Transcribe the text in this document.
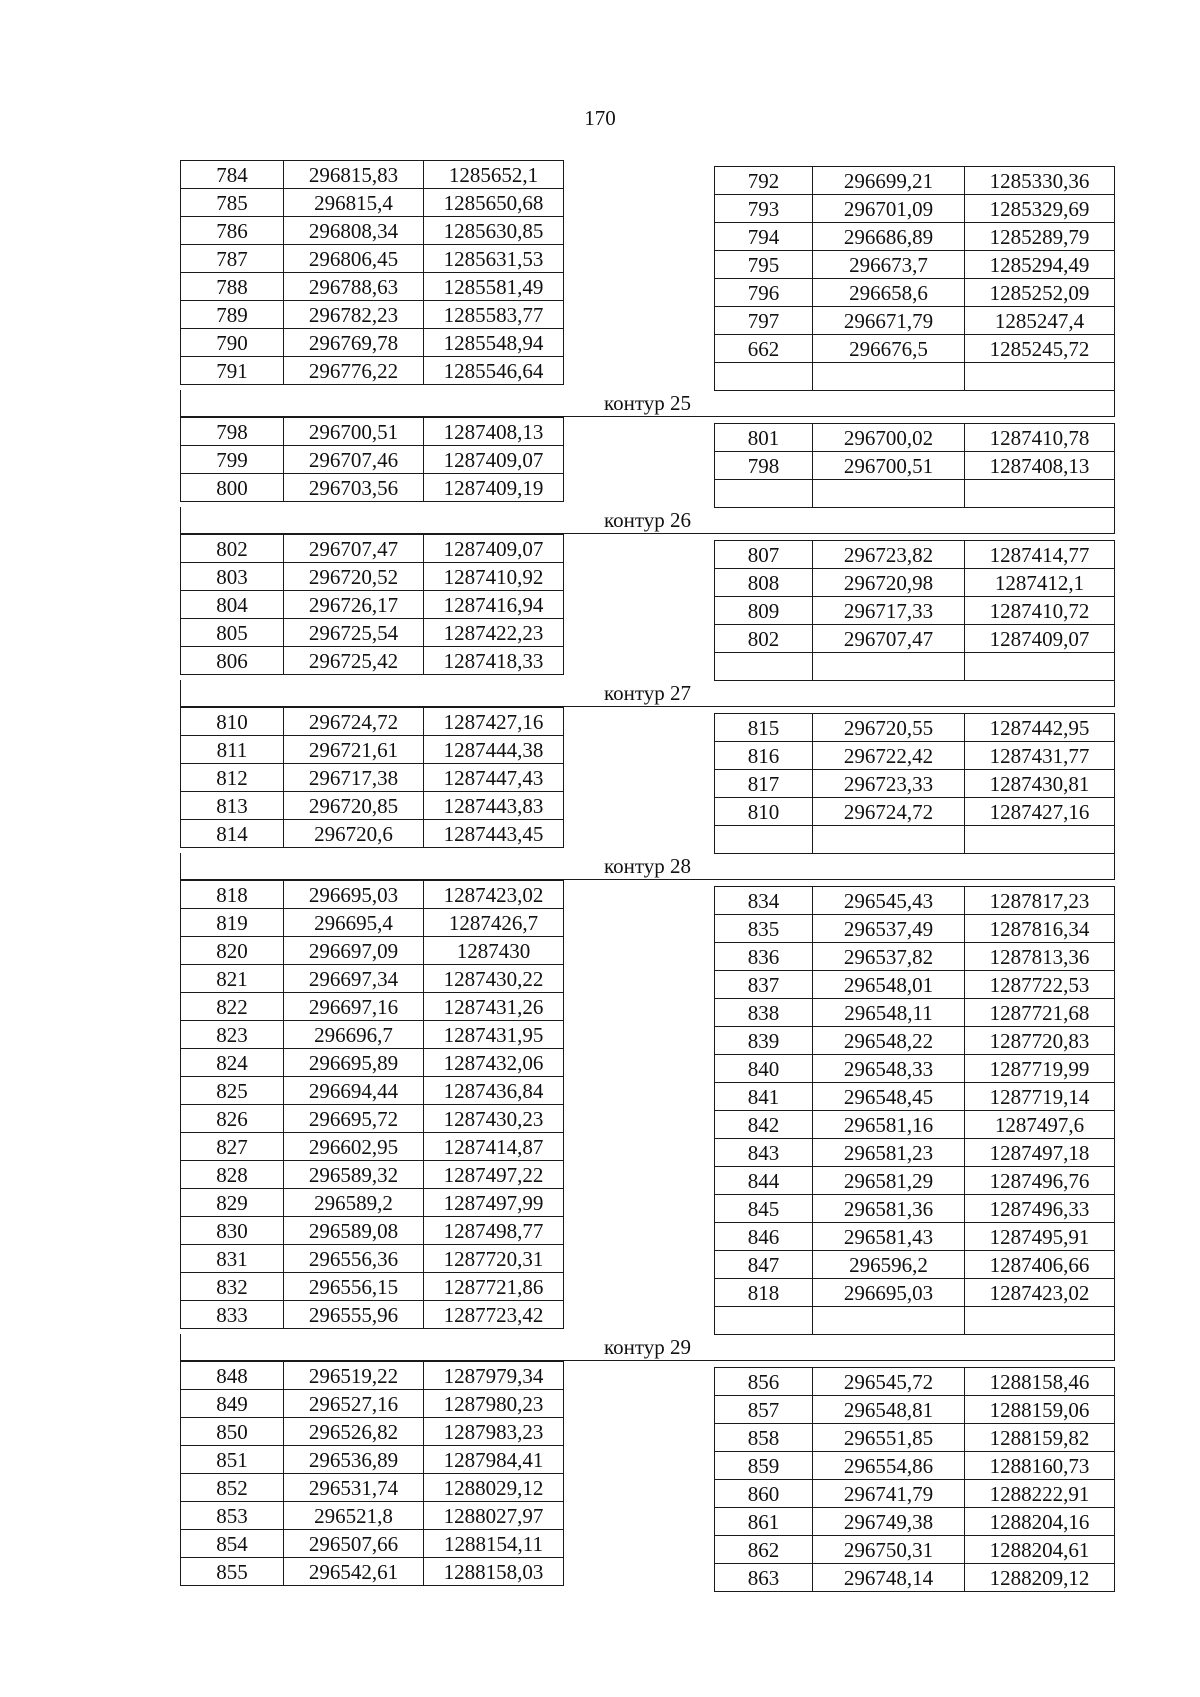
170
784	296815,83	1285652,1
785	296815,4	1285650,68
786	296808,34	1285630,85
787	296806,45	1285631,53
788	296788,63	1285581,49
789	296782,23	1285583,77
790	296769,78	1285548,94
791	296776,22	1285546,64
792	296699,21	1285330,36
793	296701,09	1285329,69
794	296686,89	1285289,79
795	296673,7	1285294,49
796	296658,6	1285252,09
797	296671,79	1285247,4
662	296676,5	1285245,72

контур 25
798	296700,51	1287408,13
799	296707,46	1287409,07
800	296703,56	1287409,19
801	296700,02	1287410,78
798	296700,51	1287408,13

контур 26
802	296707,47	1287409,07
803	296720,52	1287410,92
804	296726,17	1287416,94
805	296725,54	1287422,23
806	296725,42	1287418,33
807	296723,82	1287414,77
808	296720,98	1287412,1
809	296717,33	1287410,72
802	296707,47	1287409,07

контур 27
810	296724,72	1287427,16
811	296721,61	1287444,38
812	296717,38	1287447,43
813	296720,85	1287443,83
814	296720,6	1287443,45
815	296720,55	1287442,95
816	296722,42	1287431,77
817	296723,33	1287430,81
810	296724,72	1287427,16

контур 28
818	296695,03	1287423,02
819	296695,4	1287426,7
820	296697,09	1287430
821	296697,34	1287430,22
822	296697,16	1287431,26
823	296696,7	1287431,95
824	296695,89	1287432,06
825	296694,44	1287436,84
826	296695,72	1287430,23
827	296602,95	1287414,87
828	296589,32	1287497,22
829	296589,2	1287497,99
830	296589,08	1287498,77
831	296556,36	1287720,31
832	296556,15	1287721,86
833	296555,96	1287723,42
834	296545,43	1287817,23
835	296537,49	1287816,34
836	296537,82	1287813,36
837	296548,01	1287722,53
838	296548,11	1287721,68
839	296548,22	1287720,83
840	296548,33	1287719,99
841	296548,45	1287719,14
842	296581,16	1287497,6
843	296581,23	1287497,18
844	296581,29	1287496,76
845	296581,36	1287496,33
846	296581,43	1287495,91
847	296596,2	1287406,66
818	296695,03	1287423,02

контур 29
848	296519,22	1287979,34
849	296527,16	1287980,23
850	296526,82	1287983,23
851	296536,89	1287984,41
852	296531,74	1288029,12
853	296521,8	1288027,97
854	296507,66	1288154,11
855	296542,61	1288158,03
856	296545,72	1288158,46
857	296548,81	1288159,06
858	296551,85	1288159,82
859	296554,86	1288160,73
860	296741,79	1288222,91
861	296749,38	1288204,16
862	296750,31	1288204,61
863	296748,14	1288209,12
